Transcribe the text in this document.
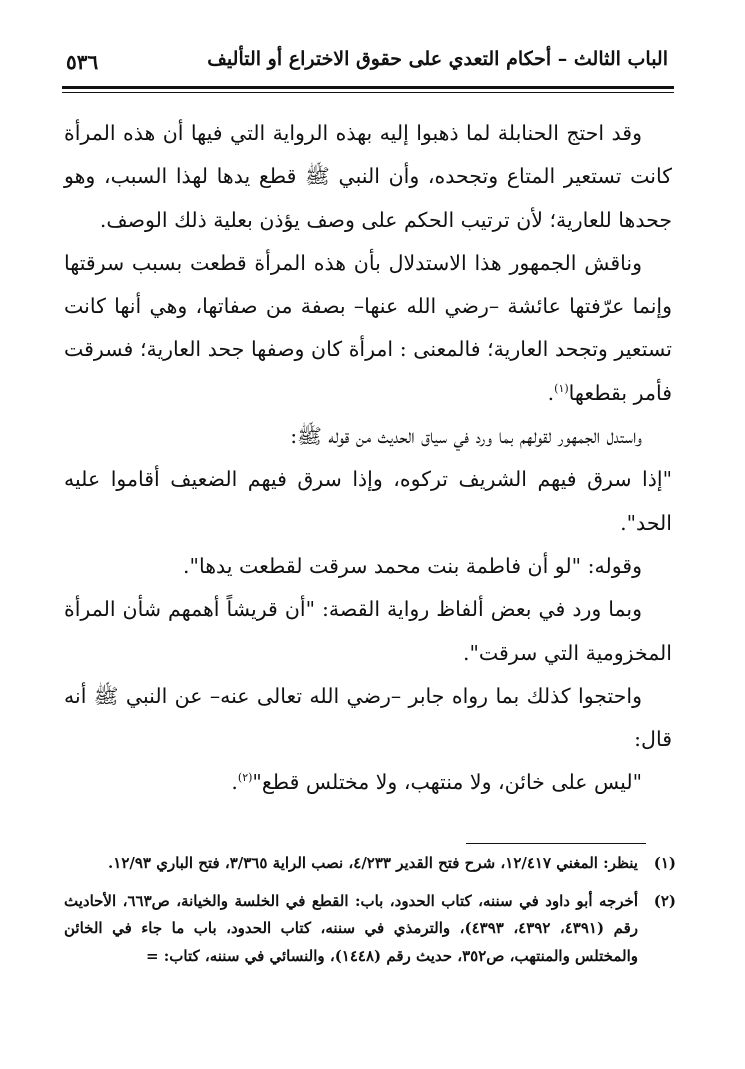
الباب الثالث – أحكام التعدي على حقوق الاختراع أو التأليف
٥٣٦

وقد احتج الحنابلة لما ذهبوا إليه بهذه الرواية التي فيها أن هذه المرأة كانت تستعير المتاع وتجحده، وأن النبي ﷺ قطع يدها لهذا السبب، وهو جحدها للعارية؛ لأن ترتيب الحكم على وصف يؤذن بعلية ذلك الوصف.

وناقش الجمهور هذا الاستدلال بأن هذه المرأة قطعت بسبب سرقتها وإنما عرّفتها عائشة –رضي الله عنها– بصفة من صفاتها، وهي أنها كانت تستعير وتجحد العارية؛ فالمعنى : امرأة كان وصفها جحد العارية؛ فسرقت فأمر بقطعها$^{(١)}$.

واستدل الجمهور لقولهم بما ورد في سياق الحديث من قوله ﷺ:

"إذا سرق فيهم الشريف تركوه، وإذا سرق فيهم الضعيف أقاموا عليه الحد".

وقوله: "لو أن فاطمة بنت محمد سرقت لقطعت يدها".

وبما ورد في بعض ألفاظ رواية القصة: "أن قريشاً أهمهم شأن المرأة المخزومية التي سرقت".

واحتجوا كذلك بما رواه جابر –رضي الله تعالى عنه– عن النبي ﷺ أنه قال:

"ليس على خائن، ولا منتهب، ولا مختلس قطع"$^{(٢)}$.

(١)
ينظر: المغني ١٢/٤١٧، شرح فتح القدير ٤/٢٣٣، نصب الراية ٣/٣٦٥، فتح الباري ١٢/٩٣.
(٢)
أخرجه أبو داود في سننه، كتاب الحدود، باب: القطع في الخلسة والخيانة، ص٦٦٣، الأحاديث رقم (٤٣٩١، ٤٣٩٢، ٤٣٩٣)، والترمذي في سننه، كتاب الحدود، باب ما جاء في الخائن والمختلس والمنتهب، ص٣٥٢، حديث رقم (١٤٤٨)، والنسائي في سننه، كتاب: =
